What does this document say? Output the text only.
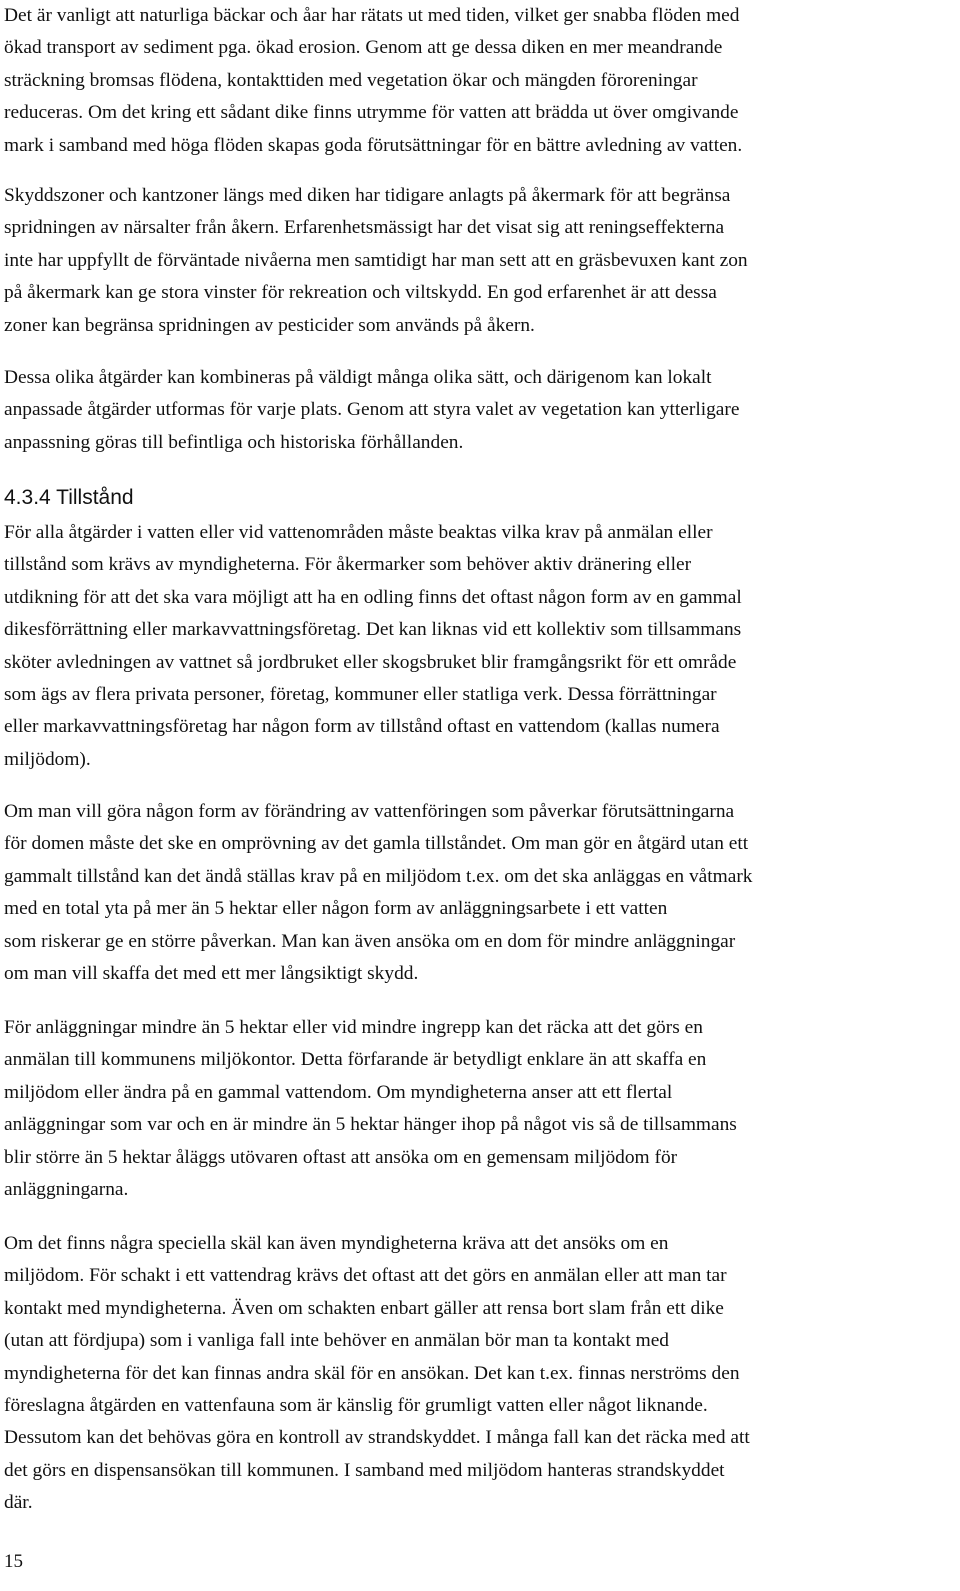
Det är vanligt att naturliga bäckar och åar har rätats ut med tiden, vilket ger snabba flöden med
ökad transport av sediment pga. ökad erosion. Genom att ge dessa diken en mer meandrande
sträckning bromsas flödena, kontakttiden med vegetation ökar och mängden föroreningar
reduceras. Om det kring ett sådant dike finns utrymme för vatten att brädda ut över omgivande
mark i samband med höga flöden skapas goda förutsättningar för en bättre avledning av vatten.
Skyddszoner och kantzoner längs med diken har tidigare anlagts på åkermark för att begränsa
spridningen av närsalter från åkern. Erfarenhetsmässigt har det visat sig att reningseffekterna
inte har uppfyllt de förväntade nivåerna men samtidigt har man sett att en gräsbevuxen kant zon
på åkermark kan ge stora vinster för rekreation och viltskydd. En god erfarenhet är att dessa
zoner kan begränsa spridningen av pesticider som används på åkern.
Dessa olika åtgärder kan kombineras på väldigt många olika sätt, och därigenom kan lokalt
anpassade åtgärder utformas för varje plats. Genom att styra valet av vegetation kan ytterligare
anpassning göras till befintliga och historiska förhållanden.
4.3.4 Tillstånd
För alla åtgärder i vatten eller vid vattenområden måste beaktas vilka krav på anmälan eller
tillstånd som krävs av myndigheterna. För åkermarker som behöver aktiv dränering eller
utdikning för att det ska vara möjligt att ha en odling finns det oftast någon form av en gammal
dikesförrättning eller markavvattningsföretag. Det kan liknas vid ett kollektiv som tillsammans
sköter avledningen av vattnet så jordbruket eller skogsbruket blir framgångsrikt för ett område
som ägs av flera privata personer, företag, kommuner eller statliga verk. Dessa förrättningar
eller markavvattningsföretag har någon form av tillstånd oftast en vattendom (kallas numera
miljödom).
Om man vill göra någon form av förändring av vattenföringen som påverkar förutsättningarna
för domen måste det ske en omprövning av det gamla tillståndet. Om man gör en åtgärd utan ett
gammalt tillstånd kan det ändå ställas krav på en miljödom t.ex. om det ska anläggas en våtmark
med en total yta på mer än 5 hektar eller någon form av anläggningsarbete i ett vatten
som riskerar ge en större påverkan. Man kan även ansöka om en dom för mindre anläggningar
om man vill skaffa det med ett mer långsiktigt skydd.
För anläggningar mindre än 5 hektar eller vid mindre ingrepp kan det räcka att det görs en
anmälan till kommunens miljökontor. Detta förfarande är betydligt enklare än att skaffa en
miljödom eller ändra på en gammal vattendom. Om myndigheterna anser att ett flertal
anläggningar som var och en är mindre än 5 hektar hänger ihop på något vis så de tillsammans
blir större än 5 hektar åläggs utövaren oftast att ansöka om en gemensam miljödom för
anläggningarna.
Om det finns några speciella skäl kan även myndigheterna kräva att det ansöks om en
miljödom. För schakt i ett vattendrag krävs det oftast att det görs en anmälan eller att man tar
kontakt med myndigheterna. Även om schakten enbart gäller att rensa bort slam från ett dike
(utan att fördjupa) som i vanliga fall inte behöver en anmälan bör man ta kontakt med
myndigheterna för det kan finnas andra skäl för en ansökan. Det kan t.ex. finnas nerströms den
föreslagna åtgärden en vattenfauna som är känslig för grumligt vatten eller något liknande.
Dessutom kan det behövas göra en kontroll av strandskyddet. I många fall kan det räcka med att
det görs en dispensansökan till kommunen. I samband med miljödom hanteras strandskyddet
där.
15
